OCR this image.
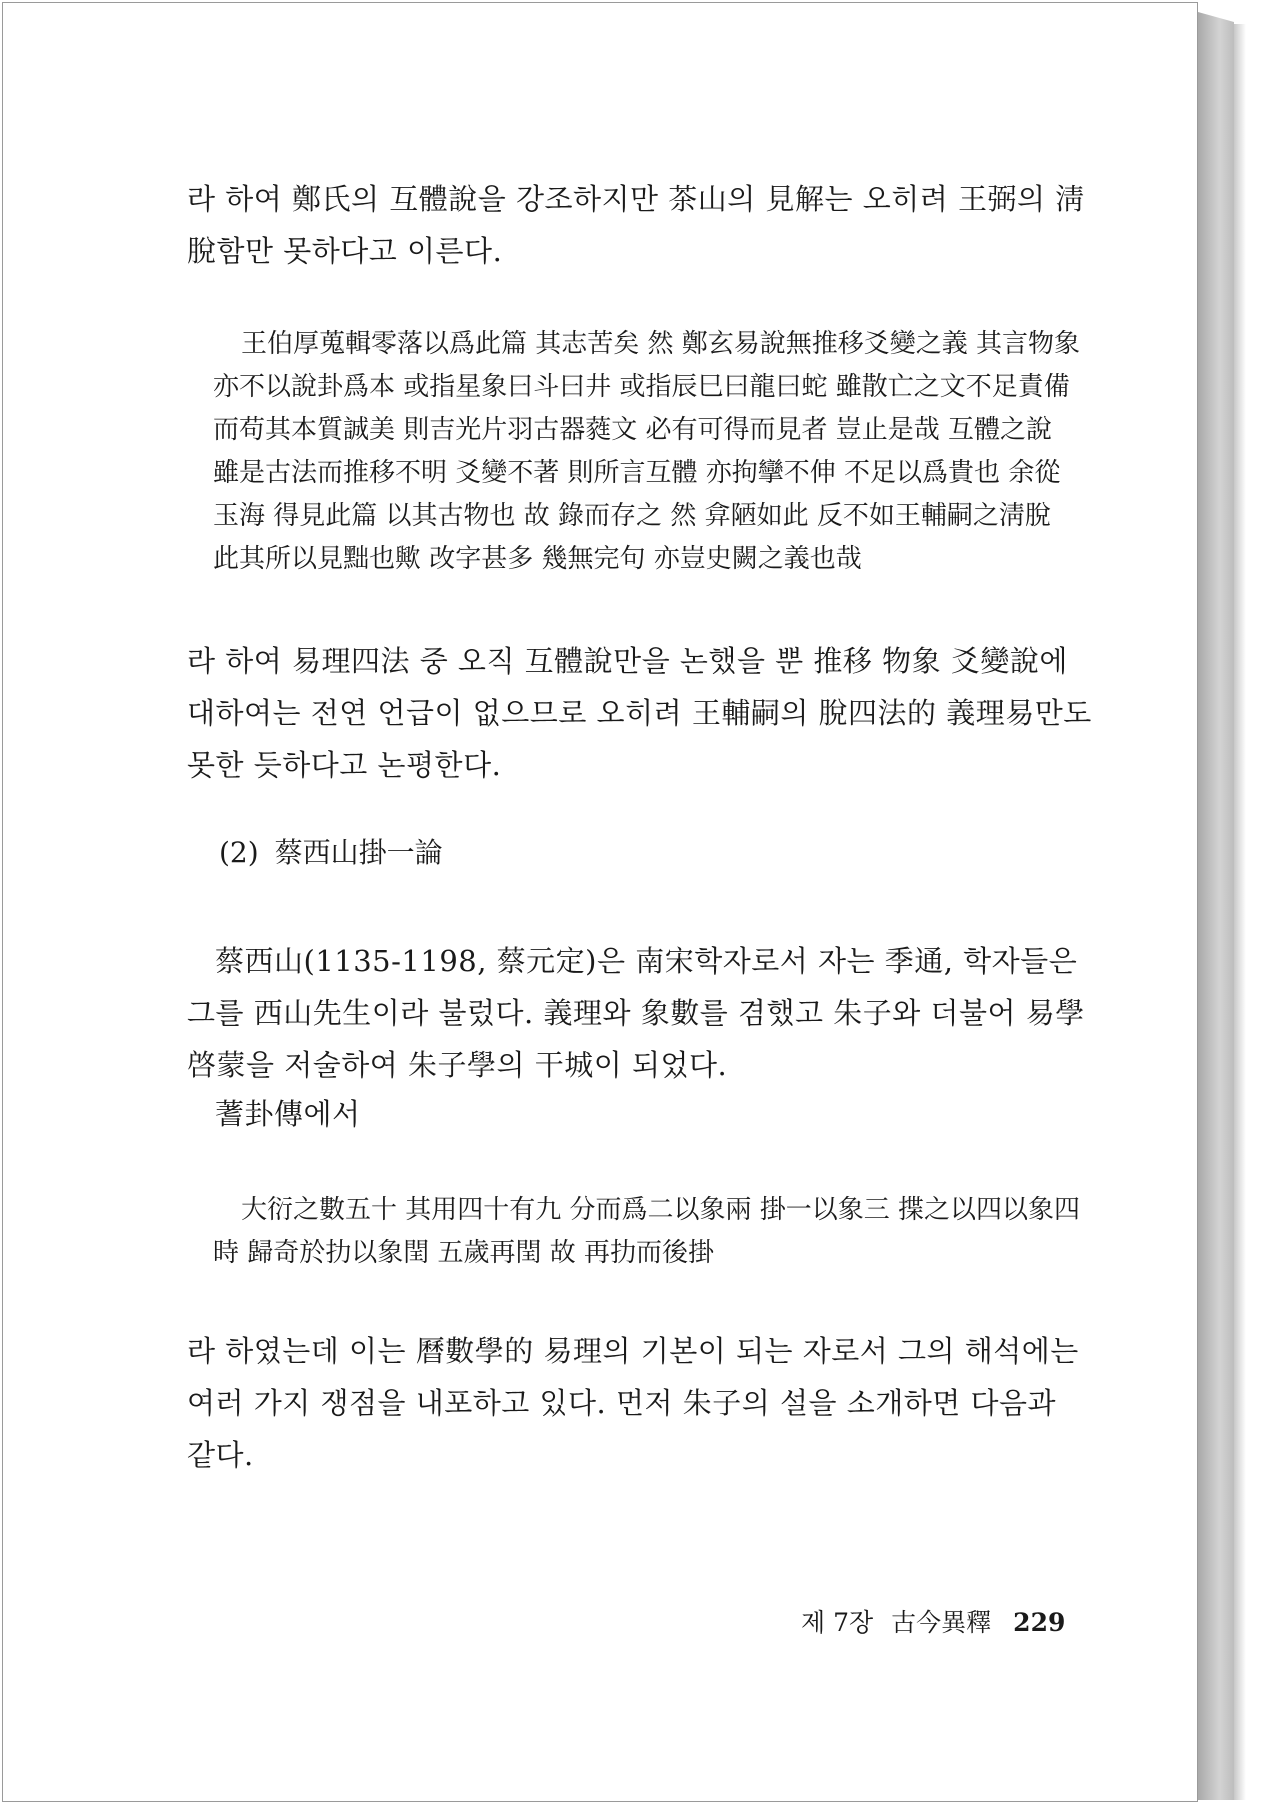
라 하여 鄭氏의 互體說을 강조하지만 茶山의 見解는 오히려 王弼의 淸
脫함만 못하다고 이른다.

王伯厚蒐輯零落以爲此篇 其志苦矣 然 鄭玄易說無推移爻變之義 其言物象
亦不以說卦爲本 或指星象曰斗曰井 或指辰巳曰龍曰蛇 雖散亡之文不足責備
而苟其本質誠美 則吉光片羽古器蕤文 必有可得而見者 豈止是哉 互體之說
雖是古法而推移不明 爻變不著 則所言互體 亦拘攣不伸 不足以爲貴也 余從
玉海 得見此篇 以其古物也 故 錄而存之 然 弇陋如此 反不如王輔嗣之淸脫
此其所以見黜也歟 改字甚多 幾無完句 亦豈史闕之義也哉

라 하여 易理四法 중 오직 互體說만을 논했을 뿐 推移 物象 爻變說에
대하여는 전연 언급이 없으므로 오히려 王輔嗣의 脫四法的 義理易만도
못한 듯하다고 논평한다.

(2) 蔡西山掛一論

蔡西山(1135-1198, 蔡元定)은 南宋학자로서 자는 季通, 학자들은
그를 西山先生이라 불렀다. 義理와 象數를 겸했고 朱子와 더불어 易學
啓蒙을 저술하여 朱子學의 干城이 되었다.
蓍卦傳에서

大衍之數五十 其用四十有九 分而爲二以象兩 掛一以象三 揲之以四以象四
時 歸奇於扐以象閏 五歲再閏 故 再扐而後掛

라 하였는데 이는 曆數學的 易理의 기본이 되는 자로서 그의 해석에는
여러 가지 쟁점을 내포하고 있다. 먼저 朱子의 설을 소개하면 다음과
같다.

제 7장 古今異釋 229
